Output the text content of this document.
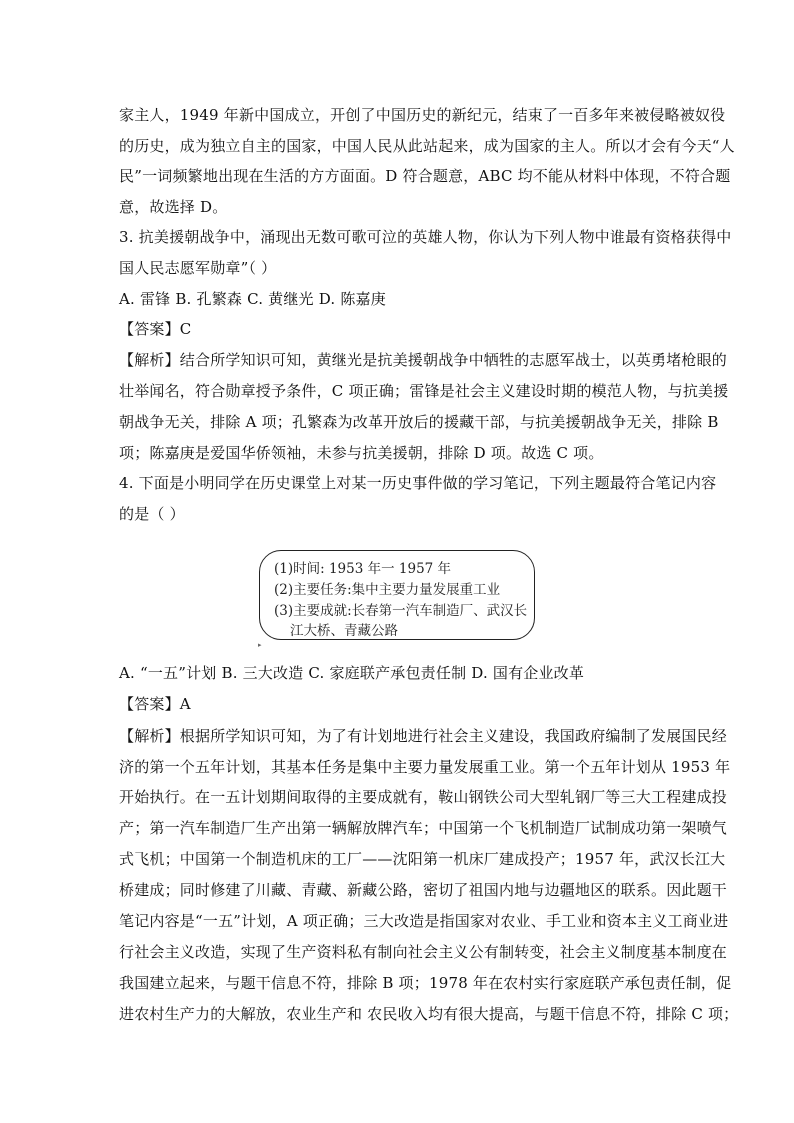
家主人，1949 年新中国成立，开创了中国历史的新纪元，结束了一百多年来被侵略被奴役
的历史，成为独立自主的国家，中国人民从此站起来，成为国家的主人。所以才会有今天“人
民”一词频繁地出现在生活的方方面面。D 符合题意，ABC 均不能从材料中体现，不符合题
意，故选择 D。
3. 抗美援朝战争中，涌现出无数可歌可泣的英雄人物，你认为下列人物中谁最有资格获得中
国人民志愿军勋章”（ ）
A. 雷锋 B. 孔繁森 C. 黄继光 D. 陈嘉庚
【答案】C
【解析】结合所学知识可知，黄继光是抗美援朝战争中牺牲的志愿军战士，以英勇堵枪眼的
壮举闻名，符合勋章授予条件，C 项正确；雷锋是社会主义建设时期的模范人物，与抗美援
朝战争无关，排除 A 项；孔繁森为改革开放后的援藏干部，与抗美援朝战争无关，排除 B
项；陈嘉庚是爱国华侨领袖，未参与抗美援朝，排除 D 项。故选 C 项。
4. 下面是小明同学在历史课堂上对某一历史事件做的学习笔记，下列主题最符合笔记内容
的是（ ）
(1)时间: 1953 年一 1957 年
(2)主要任务:集中主要力量发展重工业
(3)主要成就:长春第一汽车制造厂、武汉长
江大桥、青藏公路
▸
A. “一五”计划 B. 三大改造 C. 家庭联产承包责任制 D. 国有企业改革
【答案】A
【解析】根据所学知识可知，为了有计划地进行社会主义建设，我国政府编制了发展国民经
济的第一个五年计划，其基本任务是集中主要力量发展重工业。第一个五年计划从 1953 年
开始执行。在一五计划期间取得的主要成就有，鞍山钢铁公司大型轧钢厂等三大工程建成投
产；第一汽车制造厂生产出第一辆解放牌汽车；中国第一个飞机制造厂试制成功第一架喷气
式飞机；中国第一个制造机床的工厂——沈阳第一机床厂建成投产；1957 年，武汉长江大
桥建成；同时修建了川藏、青藏、新藏公路，密切了祖国内地与边疆地区的联系。因此题干
笔记内容是“一五”计划，A 项正确；三大改造是指国家对农业、手工业和资本主义工商业进
行社会主义改造，实现了生产资料私有制向社会主义公有制转变，社会主义制度基本制度在
我国建立起来，与题干信息不符，排除 B 项；1978 年在农村实行家庭联产承包责任制，促
进农村生产力的大解放，农业生产和 农民收入均有很大提高，与题干信息不符，排除 C 项；
